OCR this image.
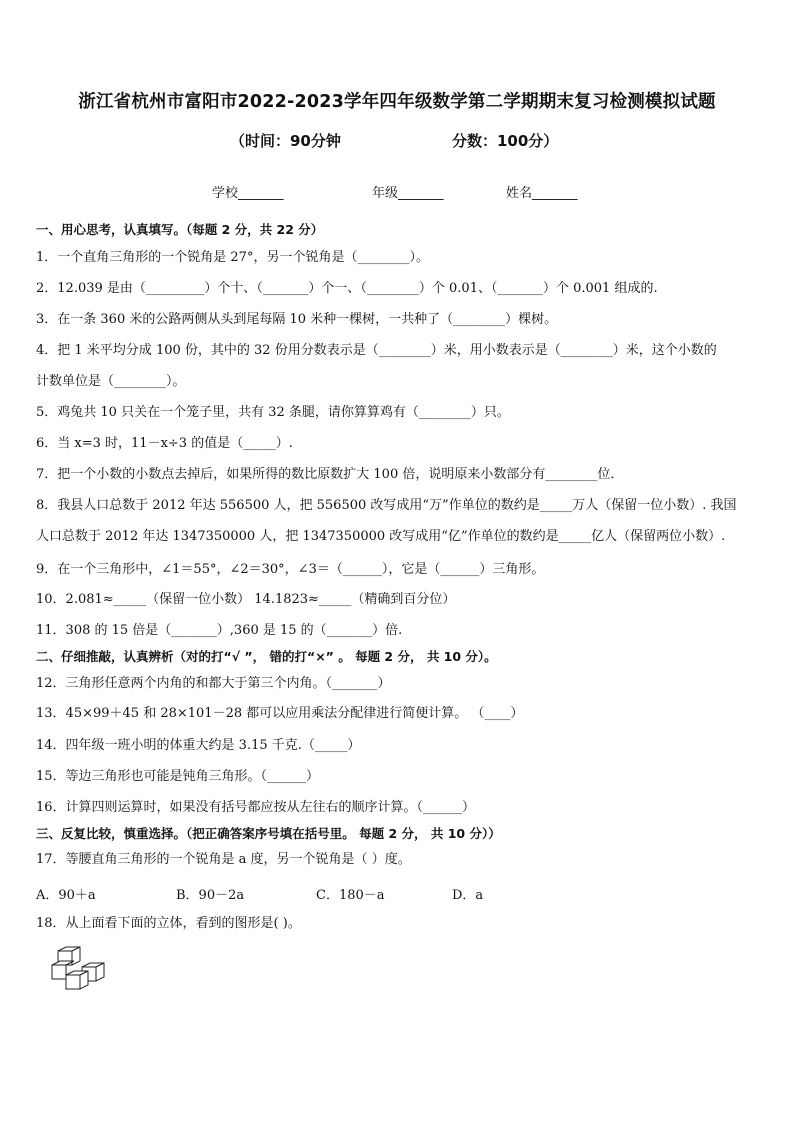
浙江省杭州市富阳市2022-2023学年四年级数学第二学期期末复习检测模拟试题
（时间：90分钟	分数：100分）
学校_______	年级_______	姓名_______
一、用心思考，认真填写。（每题 2 分，共 22 分）
1．一个直角三角形的一个锐角是 27°，另一个锐角是（________）。
2．12.039 是由（_________）个十、（_______）个一、（________）个 0.01、（_______）个 0.001 组成的.
3．在一条 360 米的公路两侧从头到尾每隔 10 米种一棵树，一共种了（________）棵树。
4．把 1 米平均分成 100 份，其中的 32 份用分数表示是（________）米，用小数表示是（________）米，这个小数的
计数单位是（________）。
5．鸡兔共 10 只关在一个笼子里，共有 32 条腿，请你算算鸡有（________）只。
6．当 x=3 时，11－x÷3 的值是（_____）.
7．把一个小数的小数点去掉后，如果所得的数比原数扩大 100 倍，说明原来小数部分有________位．
8．我县人口总数于 2012 年达 556500 人，把 556500 改写成用“万”作单位的数约是_____万人（保留一位小数）. 我国
人口总数于 2012 年达 1347350000 人，把 1347350000 改写成用“亿”作单位的数约是_____亿人（保留两位小数）.
9．在一个三角形中，∠1＝55°，∠2＝30°，∠3＝（______），它是（______）三角形。
10．2.081≈_____（保留一位小数） 14.1823≈_____（精确到百分位）
11．308 的 15 倍是（_______）,360 是 15 的（_______）倍.
二、仔细推敲，认真辨析（对的打“√ ”， 错的打“×” 。 每题 2 分， 共 10 分）。
12．三角形任意两个内角的和都大于第三个内角。（_______）
13．45×99＋45 和 28×101－28 都可以应用乘法分配律进行简便计算。 （____）
14．四年级一班小明的体重大约是 3.15 千克.（_____）
15．等边三角形也可能是钝角三角形。（______）
16．计算四则运算时，如果没有括号都应按从左往右的顺序计算。（______）
三、反复比较，慎重选择。（把正确答案序号填在括号里。 每题 2 分， 共 10 分））
17．等腰直角三角形的一个锐角是 a 度，另一个锐角是（ ）度。
A．90＋a	B．90－2a	C．180－a	D．a
18．从上面看下面的立体，看到的图形是( )。
